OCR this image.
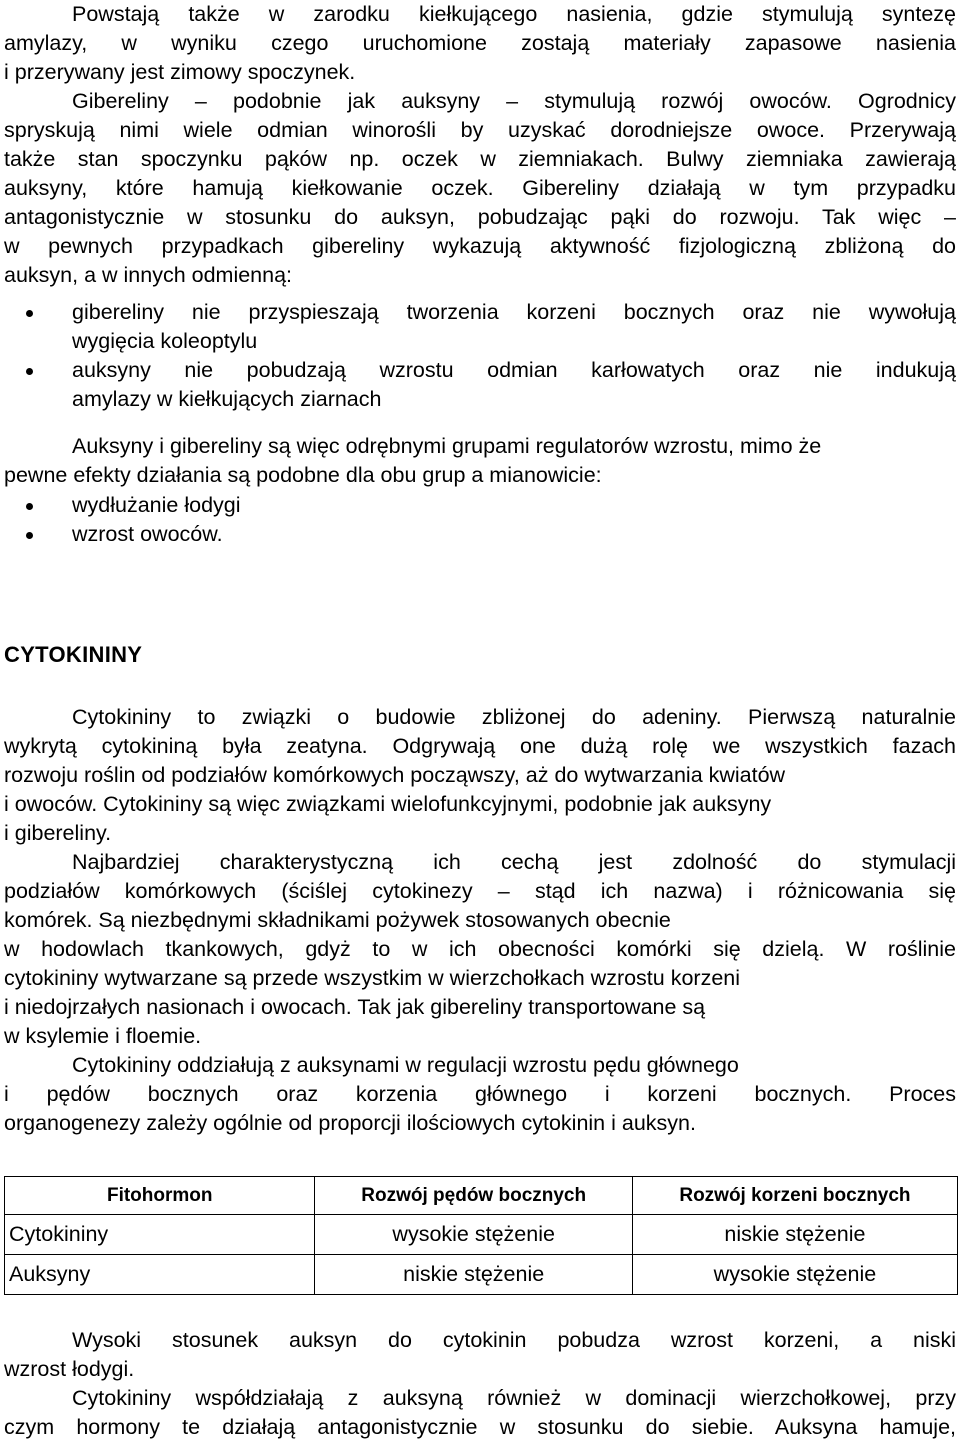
Powstają także w zarodku kiełkującego nasienia, gdzie stymulują syntezę
amylazy, w wyniku czego uruchomione zostają materiały zapasowe nasienia
i przerywany jest zimowy spoczynek.
Gibereliny – podobnie jak auksyny – stymulują rozwój owoców. Ogrodnicy
spryskują nimi wiele odmian winorośli by uzyskać dorodniejsze owoce. Przerywają
także stan spoczynku pąków np. oczek w ziemniakach. Bulwy ziemniaka zawierają
auksyny, które hamują kiełkowanie oczek. Gibereliny działają w tym przypadku
antagonistycznie w stosunku do auksyn, pobudzając pąki do rozwoju. Tak więc –
w pewnych przypadkach gibereliny wykazują aktywność fizjologiczną zbliżoną do
auksyn, a w innych odmienną:
gibereliny nie przyspieszają tworzenia korzeni bocznych oraz nie wywołują
wygięcia koleoptylu
auksyny nie pobudzają wzrostu odmian karłowatych oraz nie indukują
amylazy w kiełkujących ziarnach
Auksyny i gibereliny są więc odrębnymi grupami regulatorów wzrostu, mimo że
pewne efekty działania są podobne dla obu grup a mianowicie:
wydłużanie łodygi
wzrost owoców.
CYTOKININY
Cytokininy to związki o budowie zbliżonej do adeniny. Pierwszą naturalnie
wykrytą cytokininą była zeatyna. Odgrywają one dużą rolę we wszystkich fazach
rozwoju roślin od podziałów komórkowych począwszy, aż do wytwarzania kwiatów
i owoców. Cytokininy są więc związkami wielofunkcyjnymi, podobnie jak auksyny
i gibereliny.
Najbardziej charakterystyczną ich cechą jest zdolność do stymulacji
podziałów komórkowych (ściślej cytokinezy – stąd ich nazwa) i różnicowania się
komórek. Są niezbędnymi składnikami pożywek stosowanych obecnie
w hodowlach tkankowych, gdyż to w ich obecności komórki się dzielą. W roślinie
cytokininy wytwarzane są przede wszystkim w wierzchołkach wzrostu korzeni
i niedojrzałych nasionach i owocach. Tak jak gibereliny transportowane są
w ksylemie i floemie.
Cytokininy oddziałują z auksynami w regulacji wzrostu pędu głównego
i pędów bocznych oraz korzenia głównego i korzeni bocznych. Proces
organogenezy zależy ogólnie od proporcji ilościowych cytokinin i auksyn.
Fitohormon	Rozwój pędów bocznych	Rozwój korzeni bocznych
Cytokininy	wysokie stężenie	niskie stężenie
Auksyny	niskie stężenie	wysokie stężenie
Wysoki stosunek auksyn do cytokinin pobudza wzrost korzeni, a niski
wzrost łodygi.
Cytokininy współdziałają z auksyną również w dominacji wierzchołkowej, przy
czym hormony te działają antagonistycznie w stosunku do siebie. Auksyna hamuje,
